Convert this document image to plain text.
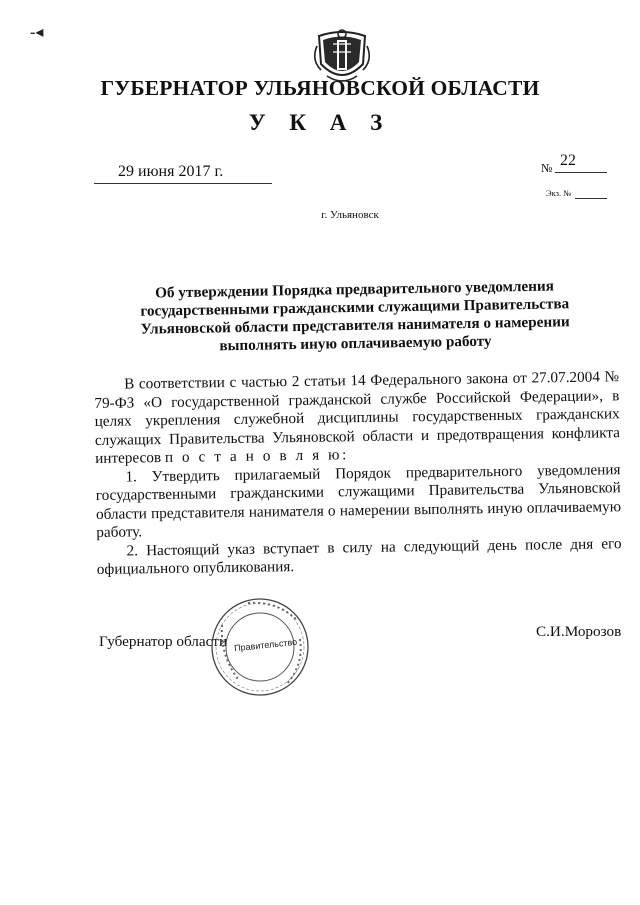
-◂
ГУБЕРНАТОР УЛЬЯНОВСКОЙ ОБЛАСТИ
У К А З
29 июня 2017 г.	№ 22
Экз. №
г. Ульяновск
Об утверждении Порядка предварительного уведомления
государственными гражданскими служащими Правительства
Ульяновской области представителя нанимателя о намерении
выполнять иную оплачиваемую работу

В соответствии с частью 2 статьи 14 Федерального закона от 27.07.2004 № 79-ФЗ «О государственной гражданской службе Российской Федерации», в целях укрепления служебной дисциплины государственных гражданских служащих Правительства Ульяновской области и предотвращения конфликта интересов п о с т а н о в л я ю:

1. Утвердить прилагаемый Порядок предварительного уведомления государственными гражданскими служащими Правительства Ульяновской области представителя нанимателя о намерении выполнять иную оплачиваемую работу.

2. Настоящий указ вступает в силу на следующий день после дня его официального опубликования.

Губернатор области
С.И.Морозов
Правительство
